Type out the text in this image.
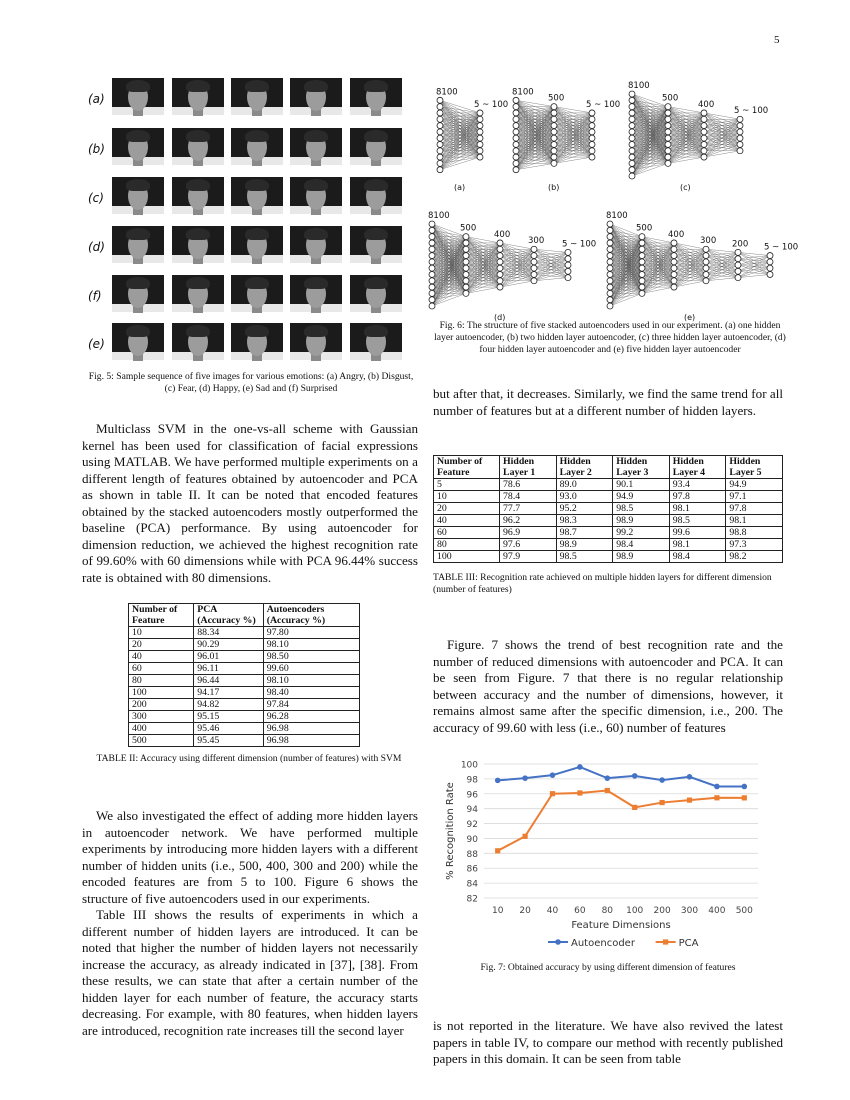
5
(a)
(b)
(c)
(d)
(f)
(e)
Fig. 5: Sample sequence of five images for various emotions: (a) Angry, (b) Disgust, (c) Fear, (d) Happy, (e) Sad and (f) Surprised

Multiclass SVM in the one-vs-all scheme with Gaussian kernel has been used for classification of facial expressions using MATLAB. We have performed multiple experiments on a different length of features obtained by autoencoder and PCA as shown in table II. It can be noted that encoded features obtained by the stacked autoencoders mostly outperformed the baseline (PCA) performance. By using autoencoder for dimension reduction, we achieved the highest recognition rate of 99.60% with 60 dimensions while with PCA 96.44% success rate is obtained with 80 dimensions.

Number of Feature	PCA (Accuracy %)	Autoencoders (Accuracy %)
10	88.34	97.80
20	90.29	98.10
40	96.01	98.50
60	96.11	99.60
80	96.44	98.10
100	94.17	98.40
200	94.82	97.84
300	95.15	96.28
400	95.46	96.98
500	95.45	96.98
TABLE II: Accuracy using different dimension (number of features) with SVM

We also investigated the effect of adding more hidden layers in autoencoder network. We have performed multiple experiments by introducing more hidden layers with a different number of hidden units (i.e., 500, 400, 300 and 200) while the encoded features are from 5 to 100. Figure 6 shows the structure of five autoencoders used in our experiments.

Table III shows the results of experiments in which a different number of hidden layers are introduced. It can be noted that higher the number of hidden layers not necessarily increase the accuracy, as already indicated in [37], [38]. From these results, we can state that after a certain number of the hidden layer for each number of feature, the accuracy starts decreasing. For example, with 80 features, when hidden layers are introduced, recognition rate increases till the second layer

8100
5 ~ 100
(a)
8100
500
5 ~ 100
(b)
8100
500
400
5 ~ 100
(c)
8100
500
400
300 5 ~ 100
(d)
8100
500
400
300 200 5 ~ 100
(e)
Fig. 6: The structure of five stacked autoencoders used in our experiment. (a) one hidden layer autoencoder, (b) two hidden layer autoencoder, (c) three hidden layer autoencoder, (d) four hidden layer autoencoder and (e) five hidden layer autoencoder

but after that, it decreases. Similarly, we find the same trend for all number of features but at a different number of hidden layers.

Number of Feature	Hidden Layer 1	Hidden Layer 2	Hidden Layer 3	Hidden Layer 4	Hidden Layer 5
5	78.6	89.0	90.1	93.4	94.9
10	78.4	93.0	94.9	97.8	97.1
20	77.7	95.2	98.5	98.1	97.8
40	96.2	98.3	98.9	98.5	98.1
60	96.9	98.7	99.2	99.6	98.8
80	97.6	98.9	98.4	98.1	97.3
100	97.9	98.5	98.9	98.4	98.2
TABLE III: Recognition rate achieved on multiple hidden layers for different dimension (number of features)

Figure. 7 shows the trend of best recognition rate and the number of reduced dimensions with autoencoder and PCA. It can be seen from Figure. 7 that there is no regular relationship between accuracy and the number of dimensions, however, it remains almost same after the specific dimension, i.e., 200. The accuracy of 99.60 with less (i.e., 60) number of features

82
84
86
88
90
92
94
96
98
100
10 20 40 60 80 100 200 300 400 500
Feature Dimensions
% Recognition Rate
Autoencoder	PCA
Fig. 7: Obtained accuracy by using different dimension of features

is not reported in the literature. We have also revived the latest papers in table IV, to compare our method with recently published papers in this domain. It can be seen from table
